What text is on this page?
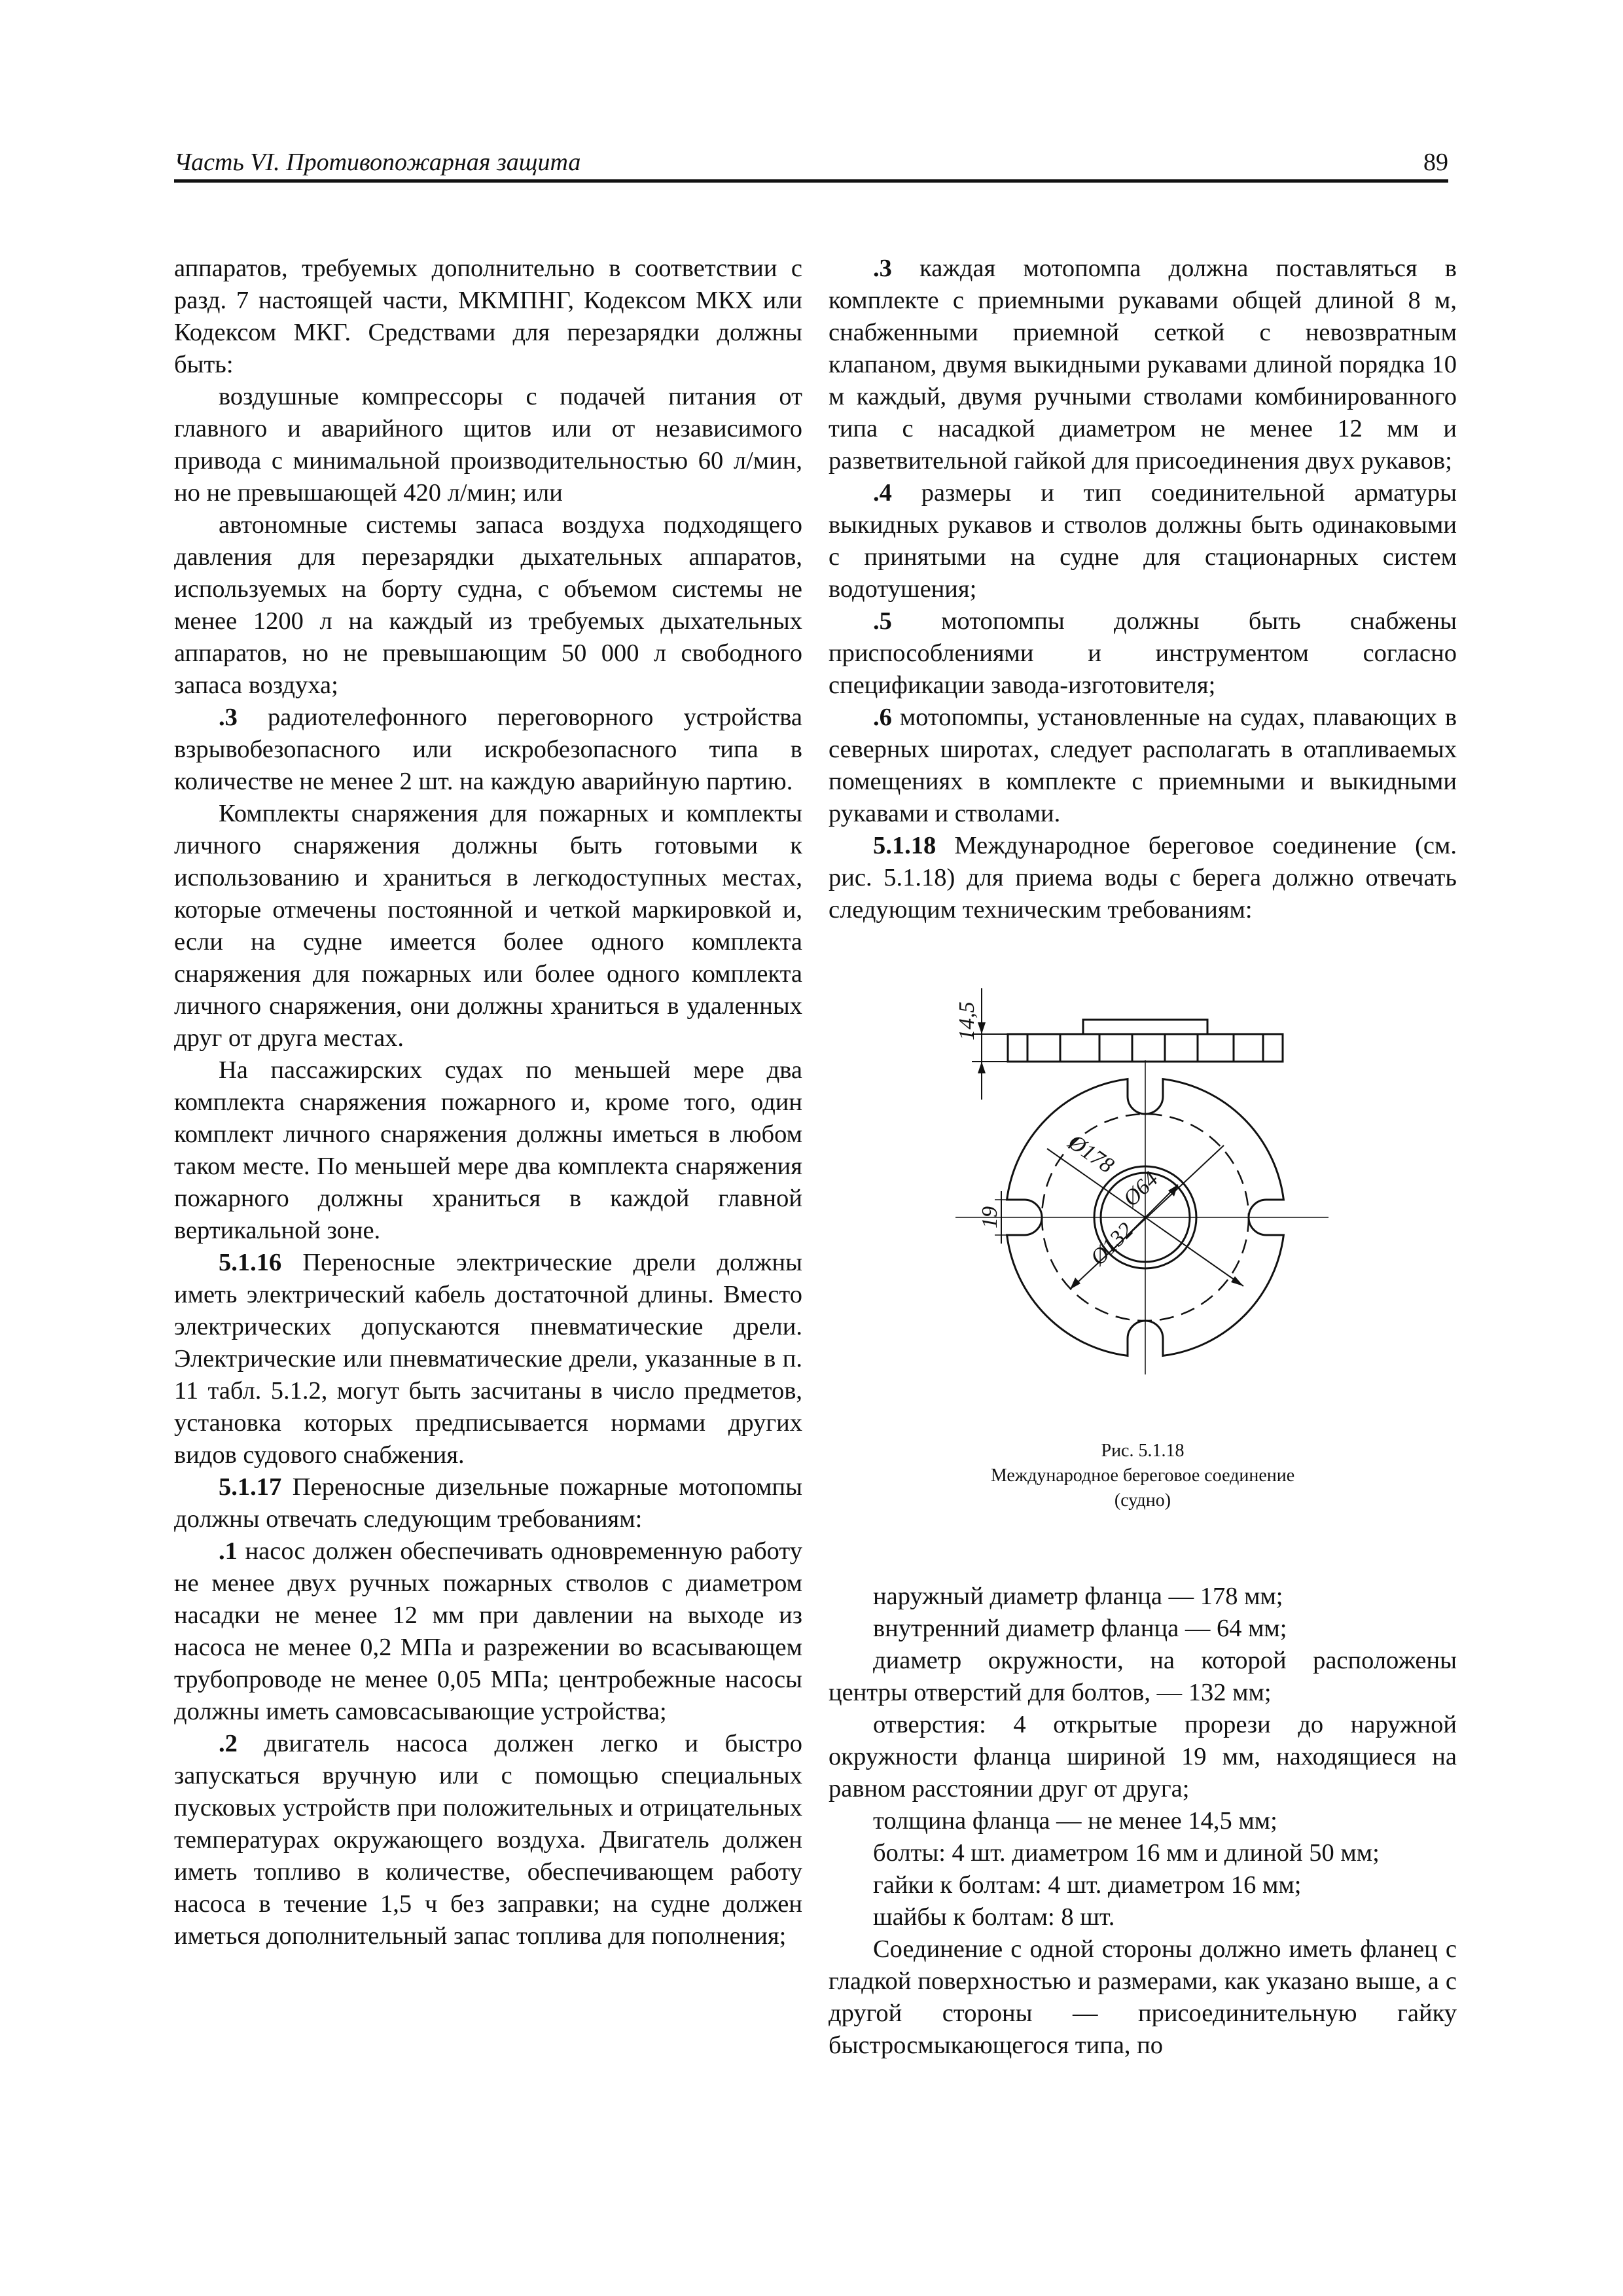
Часть VI. Противопожарная защита	89

аппаратов, требуемых дополнительно в соответствии с разд. 7 настоящей части, МКМПНГ, Кодексом МКХ или Кодексом МКГ. Средствами для перезарядки должны быть:

воздушные компрессоры с подачей питания от главного и аварийного щитов или от независимого привода с минимальной производительностью 60 л/мин, но не превышающей 420 л/мин; или

автономные системы запаса воздуха подходящего давления для перезарядки дыхательных аппаратов, используемых на борту судна, с объемом системы не менее 1200 л на каждый из требуемых дыхательных аппаратов, но не превышающим 50 000 л свободного запаса воздуха;

.3 радиотелефонного переговорного устройства взрывобезопасного или искробезопасного типа в количестве не менее 2 шт. на каждую аварийную партию.

Комплекты снаряжения для пожарных и комплекты личного снаряжения должны быть готовыми к использованию и храниться в легкодоступных местах, которые отмечены постоянной и четкой маркировкой и, если на судне имеется более одного комплекта снаряжения для пожарных или более одного комплекта личного снаряжения, они должны храниться в удаленных друг от друга местах.

На пассажирских судах по меньшей мере два комплекта снаряжения пожарного и, кроме того, один комплект личного снаряжения должны иметься в любом таком месте. По меньшей мере два комплекта снаряжения пожарного должны храниться в каждой главной вертикальной зоне.

5.1.16 Переносные электрические дрели должны иметь электрический кабель достаточной длины. Вместо электрических допускаются пневматические дрели. Электрические или пневматические дрели, указанные в п. 11 табл. 5.1.2, могут быть засчитаны в число предметов, установка которых предписывается нормами других видов судового снабжения.

5.1.17 Переносные дизельные пожарные мотопомпы должны отвечать следующим требованиям:

.1 насос должен обеспечивать одновременную работу не менее двух ручных пожарных стволов с диаметром насадки не менее 12 мм при давлении на выходе из насоса не менее 0,2 МПа и разрежении во всасывающем трубопроводе не менее 0,05 МПа; центробежные насосы должны иметь самовсасывающие устройства;

.2 двигатель насоса должен легко и быстро запускаться вручную или с помощью специальных пусковых устройств при положительных и отрицательных температурах окружающего воздуха. Двигатель должен иметь топливо в количестве, обеспечивающем работу насоса в течение 1,5 ч без заправки; на судне должен иметься дополнительный запас топлива для пополнения;

.3 каждая мотопомпа должна поставляться в комплекте с приемными рукавами общей длиной 8 м, снабженными приемной сеткой с невозвратным клапаном, двумя выкидными рукавами длиной порядка 10 м каждый, двумя ручными стволами комбинированного типа с насадкой диаметром не менее 12 мм и разветвительной гайкой для присоединения двух рукавов;

.4 размеры и тип соединительной арматуры выкидных рукавов и стволов должны быть одинаковыми с принятыми на судне для стационарных систем водотушения;

.5 мотопомпы должны быть снабжены приспособлениями и инструментом согласно спецификации завода-изготовителя;

.6 мотопомпы, установленные на судах, плавающих в северных широтах, следует располагать в отапливаемых помещениях в комплекте с приемными и выкидными рукавами и стволами.

5.1.18 Международное береговое соединение (см. рис. 5.1.18) для приема воды с берега должно отвечать следующим техническим требованиям:

14,5
Ø178
Ø64
Ø132
19
Рис. 5.1.18
Международное береговое соединение
(судно)

наружный диаметр фланца — 178 мм;

внутренний диаметр фланца — 64 мм;

диаметр окружности, на которой расположены центры отверстий для болтов, — 132 мм;

отверстия: 4 открытые прорези до наружной окружности фланца шириной 19 мм, находящиеся на равном расстоянии друг от друга;

толщина фланца — не менее 14,5 мм;

болты: 4 шт. диаметром 16 мм и длиной 50 мм;

гайки к болтам: 4 шт. диаметром 16 мм;

шайбы к болтам: 8 шт.

Соединение с одной стороны должно иметь фланец с гладкой поверхностью и размерами, как указано выше, а с другой стороны — присоединительную гайку быстросмыкающегося типа, по
